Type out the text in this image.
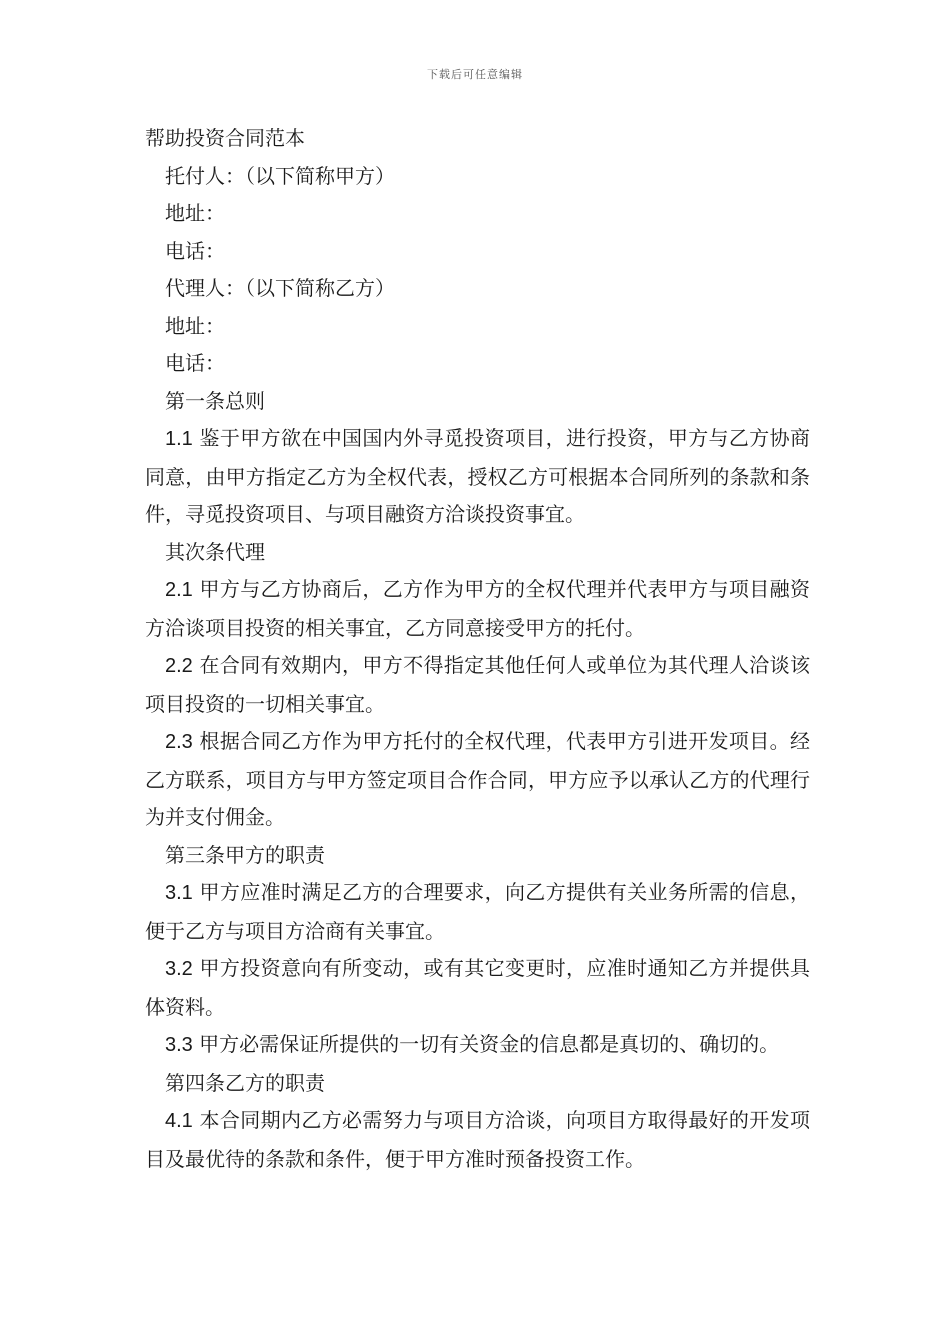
下载后可任意编辑
帮助投资合同范本
托付人：（以下简称甲方）
地址：
电话：
代理人：（以下简称乙方）
地址：
电话：
第一条总则
1.1 鉴于甲方欲在中国国内外寻觅投资项目，进行投资，甲方与乙方协商同意，由甲方指定乙方为全权代表，授权乙方可根据本合同所列的条款和条件，寻觅投资项目、与项目融资方洽谈投资事宜。
其次条代理
2.1 甲方与乙方协商后，乙方作为甲方的全权代理并代表甲方与项目融资方洽谈项目投资的相关事宜，乙方同意接受甲方的托付。
2.2 在合同有效期内，甲方不得指定其他任何人或单位为其代理人洽谈该项目投资的一切相关事宜。
2.3 根据合同乙方作为甲方托付的全权代理，代表甲方引进开发项目。经乙方联系，项目方与甲方签定项目合作合同，甲方应予以承认乙方的代理行为并支付佣金。
第三条甲方的职责
3.1 甲方应准时满足乙方的合理要求，向乙方提供有关业务所需的信息，便于乙方与项目方洽商有关事宜。
3.2 甲方投资意向有所变动，或有其它变更时，应准时通知乙方并提供具体资料。
3.3 甲方必需保证所提供的一切有关资金的信息都是真切的、确切的。
第四条乙方的职责
4.1 本合同期内乙方必需努力与项目方洽谈，向项目方取得最好的开发项目及最优待的条款和条件，便于甲方准时预备投资工作。
